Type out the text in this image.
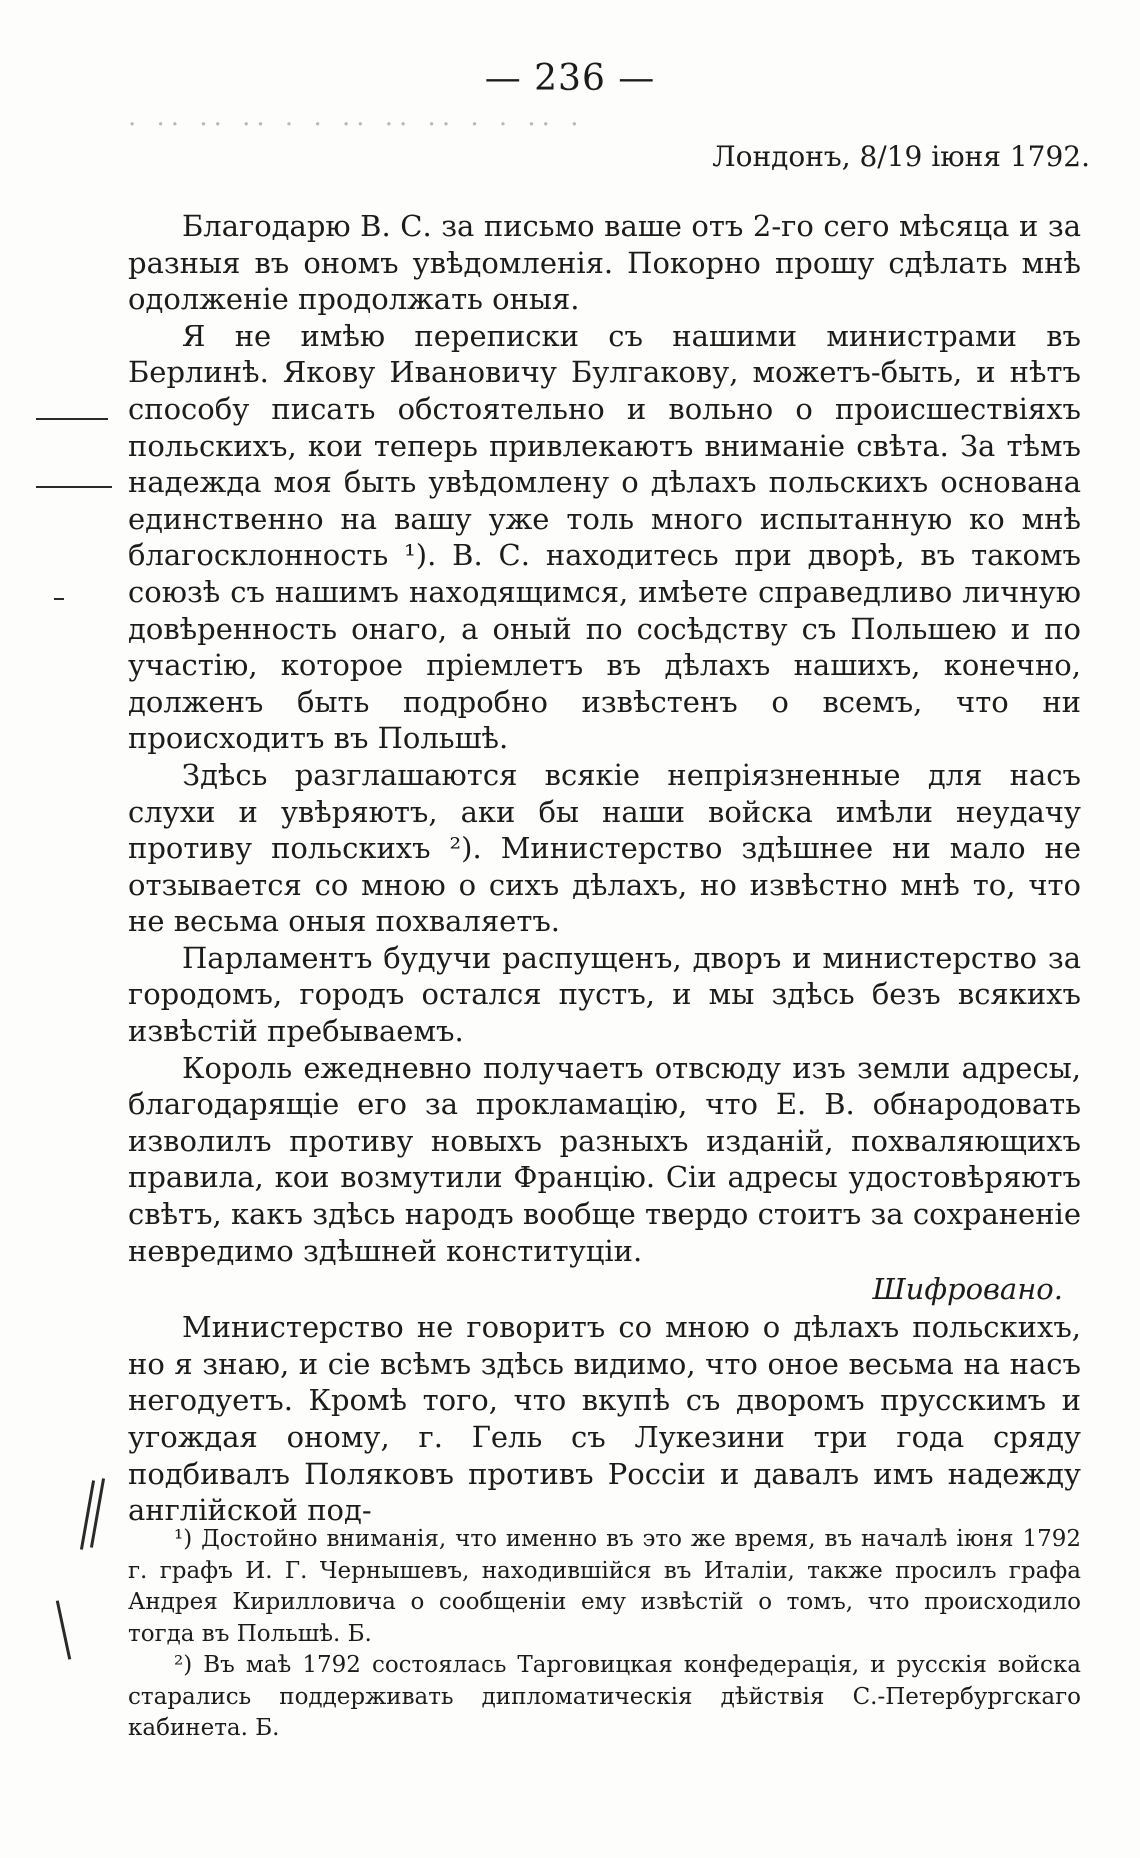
— 236 —
· ·· ·· ·· · · ·· ·· ·· · · ·· ·
Лондонъ, 8/19 іюня 1792.

Благодарю В. С. за письмо ваше отъ 2-го сего мѣсяца и за разныя въ ономъ увѣдомленія. Покорно прошу сдѣлать мнѣ одолженіе продолжать оныя.

Я не имѣю переписки съ нашими министрами въ Берлинѣ. Якову Ивановичу Булгакову, можетъ-быть, и нѣтъ способу писать обстоятельно и вольно о происшествіяхъ польскихъ, кои теперь привлекаютъ вниманіе свѣта. За тѣмъ надежда моя быть увѣдомлену о дѣлахъ польскихъ основана единственно на вашу уже толь много испытанную ко мнѣ благосклонность ¹). В. С. находитесь при дворѣ, въ такомъ союзѣ съ нашимъ находящимся, имѣете справедливо личную довѣренность онаго, а оный по сосѣдству съ Польшею и по участію, которое пріемлетъ въ дѣлахъ нашихъ, конечно, долженъ быть подробно извѣстенъ о всемъ, что ни происходитъ въ Польшѣ.

Здѣсь разглашаются всякіе непріязненные для насъ слухи и увѣряютъ, аки бы наши войска имѣли неудачу противу польскихъ ²). Министерство здѣшнее ни мало не отзывается со мною о сихъ дѣлахъ, но извѣстно мнѣ то, что не весьма оныя похваляетъ.

Парламентъ будучи распущенъ, дворъ и министерство за городомъ, городъ остался пустъ, и мы здѣсь безъ всякихъ извѣстій пребываемъ.

Король ежедневно получаетъ отвсюду изъ земли адресы, благодарящіе его за прокламацію, что Е. В. обнародовать изволилъ противу новыхъ разныхъ изданій, похваляющихъ правила, кои возмутили Францію. Сіи адресы удостовѣряютъ свѣтъ, какъ здѣсь народъ вообще твердо стоитъ за сохраненіе невредимо здѣшней конституціи.

Шифровано.

Министерство не говоритъ со мною о дѣлахъ польскихъ, но я знаю, и сіе всѣмъ здѣсь видимо, что оное весьма на насъ негодуетъ. Кромѣ того, что вкупѣ съ дворомъ прусскимъ и угождая оному, г. Гель съ Лукезини три года сряду подбивалъ Поляковъ противъ Россіи и давалъ имъ надежду англійской под-

¹) Достойно вниманія, что именно въ это же время, въ началѣ іюня 1792 г. графъ И. Г. Чернышевъ, находившійся въ Италіи, также просилъ графа Андрея Кирилловича о сообщеніи ему извѣстій о томъ, что происходило тогда въ Польшѣ. Б.

²) Въ маѣ 1792 состоялась Тарговицкая конфедерація, и русскія войска старались поддерживать дипломатическія дѣйствія С.-Петербургскаго кабинета. Б.
